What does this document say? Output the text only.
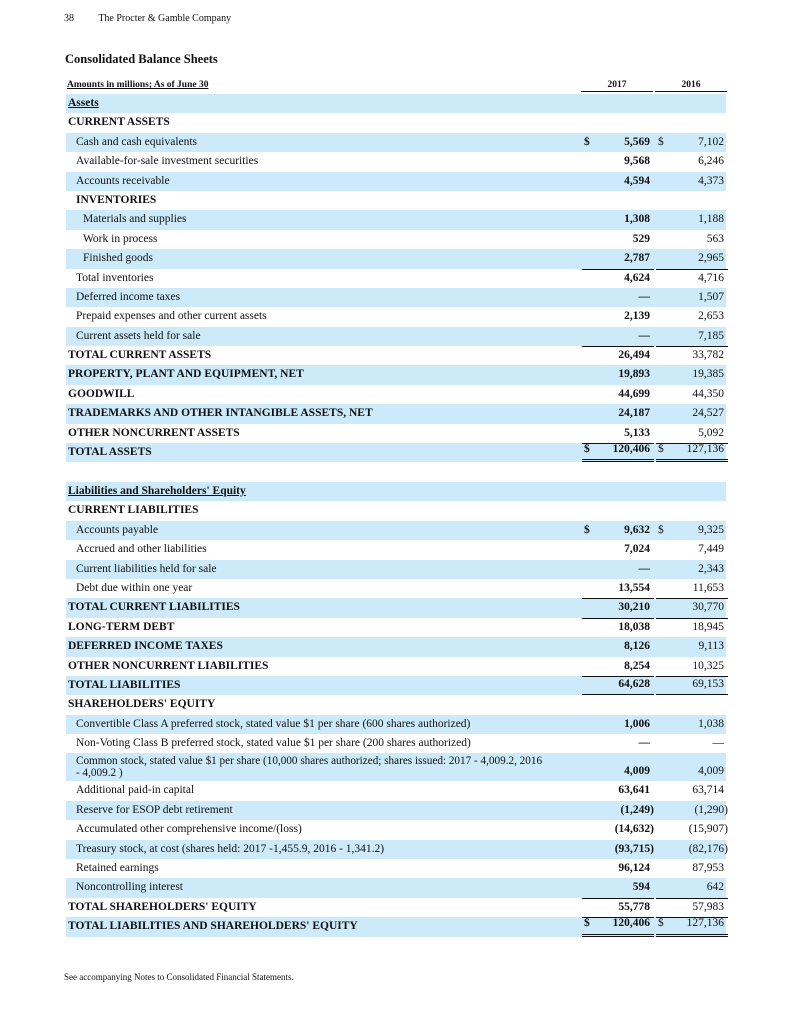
38 The Procter & Gamble Company
Consolidated Balance Sheets
Amounts in millions; As of June 30	2017	2016
Assets
CURRENT ASSETS
Cash and cash equivalents	$	5,569 $	7,102
Available-for-sale investment securities	9,568	6,246
Accounts receivable	4,594	4,373
INVENTORIES
Materials and supplies	1,308	1,188
Work in process	529	563
Finished goods	2,787	2,965
Total inventories	4,624	4,716
Deferred income taxes	—	1,507
Prepaid expenses and other current assets	2,139	2,653
Current assets held for sale	—	7,185
TOTAL CURRENT ASSETS	26,494	33,782
PROPERTY, PLANT AND EQUIPMENT, NET	19,893	19,385
GOODWILL	44,699	44,350
TRADEMARKS AND OTHER INTANGIBLE ASSETS, NET	24,187	24,527
OTHER NONCURRENT ASSETS	5,133	5,092
TOTAL ASSETS	$ 120,406 $ 127,136
Liabilities and Shareholders' Equity
CURRENT LIABILITIES
Accounts payable	$	9,632 $	9,325
Accrued and other liabilities	7,024	7,449
Current liabilities held for sale	—	2,343
Debt due within one year	13,554	11,653
TOTAL CURRENT LIABILITIES	30,210	30,770
LONG-TERM DEBT	18,038	18,945
DEFERRED INCOME TAXES	8,126	9,113
OTHER NONCURRENT LIABILITIES	8,254	10,325
TOTAL LIABILITIES	64,628	69,153
SHAREHOLDERS' EQUITY
Convertible Class A preferred stock, stated value $1 per share (600 shares authorized)	1,006	1,038
Non-Voting Class B preferred stock, stated value $1 per share (200 shares authorized)	—	—
Common stock, stated value $1 per share (10,000 shares authorized; shares issued: 2017 - 4,009.2, 2016 - 4,009.2 )	4,009	4,009
Additional paid-in capital	63,641	63,714
Reserve for ESOP debt retirement	(1,249)	(1,290)
Accumulated other comprehensive income/(loss)	(14,632)	(15,907)
Treasury stock, at cost (shares held: 2017 -1,455.9, 2016 - 1,341.2)	(93,715)	(82,176)
Retained earnings	96,124	87,953
Noncontrolling interest	594	642
TOTAL SHAREHOLDERS' EQUITY	55,778	57,983
TOTAL LIABILITIES AND SHAREHOLDERS' EQUITY	$ 120,406 $ 127,136
See accompanying Notes to Consolidated Financial Statements.
